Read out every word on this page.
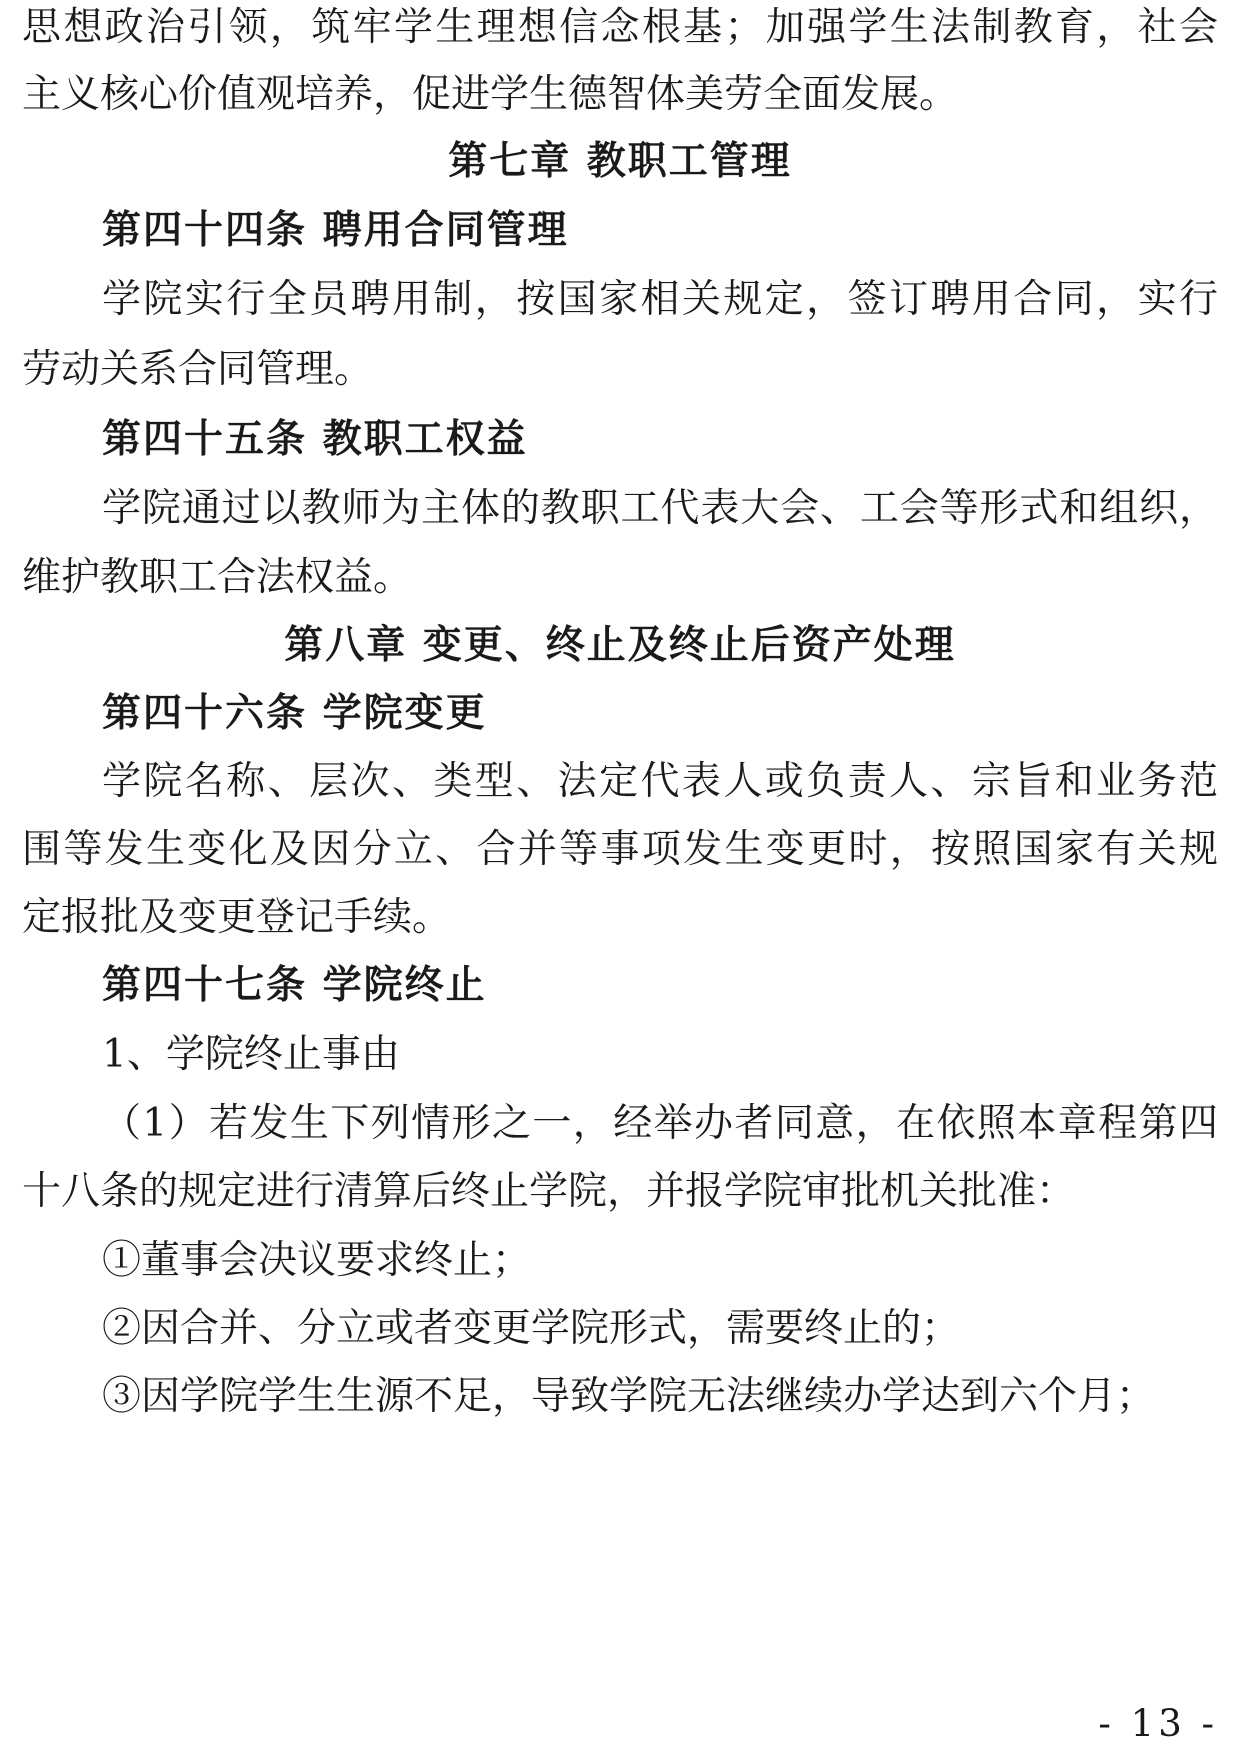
思想政治引领，筑牢学生理想信念根基；加强学生法制教育，社会
主义核心价值观培养，促进学生德智体美劳全面发展。
第七章 教职工管理
第四十四条 聘用合同管理
学院实行全员聘用制，按国家相关规定，签订聘用合同，实行
劳动关系合同管理。
第四十五条 教职工权益
学院通过以教师为主体的教职工代表大会、工会等形式和组织，
维护教职工合法权益。
第八章 变更、终止及终止后资产处理
第四十六条 学院变更
学院名称、层次、类型、法定代表人或负责人、宗旨和业务范
围等发生变化及因分立、合并等事项发生变更时，按照国家有关规
定报批及变更登记手续。
第四十七条 学院终止
1、学院终止事由
（1）若发生下列情形之一，经举办者同意，在依照本章程第四
十八条的规定进行清算后终止学院，并报学院审批机关批准：
①董事会决议要求终止；
②因合并、分立或者变更学院形式，需要终止的；
③因学院学生生源不足，导致学院无法继续办学达到六个月；
- 13 -
